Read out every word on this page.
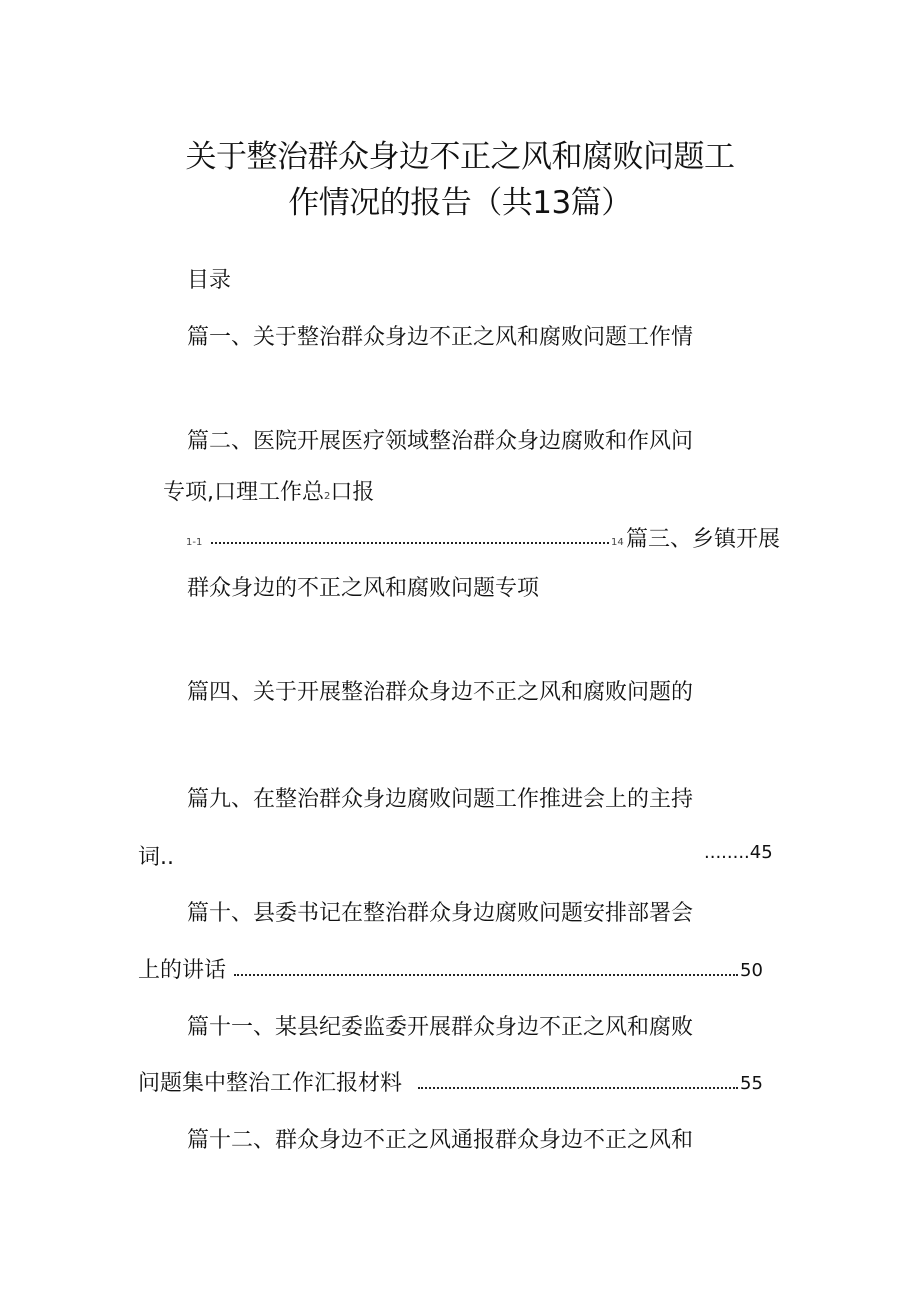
关于整治群众身边不正之风和腐败问题工
作情况的报告（共13篇）
目录
篇一、关于整治群众身边不正之风和腐败问题工作情
篇二、医院开展医疗领域整治群众身边腐败和作风问
专项,口理工作总2口报
1-1	14 篇三、乡镇开展
群众身边的不正之风和腐败问题专项
篇四、关于开展整治群众身边不正之风和腐败问题的
篇九、在整治群众身边腐败问题工作推进会上的主持
词..	........45
篇十、县委书记在整治群众身边腐败问题安排部署会
上的讲话	50
篇十一、某县纪委监委开展群众身边不正之风和腐败
问题集中整治工作汇报材料	55
篇十二、群众身边不正之风通报群众身边不正之风和
